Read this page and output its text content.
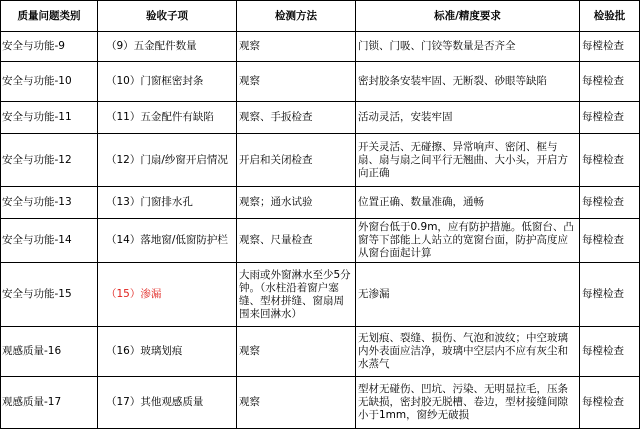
质量问题类别	验收子项	检测方法	标准/精度要求	检验批
安全与功能-9	（9）五金配件数量	观察	门锁、门吸、门铰等数量是否齐全	每樘检查
安全与功能-10	（10）门窗框密封条	观察	密封胶条安装牢固、无断裂、砂眼等缺陷	每樘检查
安全与功能-11	（11）五金配件有缺陷	观察、手扳检查	活动灵活，安装牢固	每樘检查
安全与功能-12	（12）门扇/纱窗开启情况	开启和关闭检查	开关灵活、无碰擦、异常响声、密闭、框与扇、扇与扇之间平行无翘曲、大小头，开启方向正确	每樘检查
安全与功能-13	（13）门窗排水孔	观察；通水试验	位置正确、数量准确，通畅	每樘检查
安全与功能-14	（14）落地窗/低窗防护栏	观察、尺量检查	外窗台低于0.9m，应有防护措施。低窗台、凸窗等下部能上人站立的宽窗台面，防护高度应从窗台面起计算	每樘检查
安全与功能-15	（15）渗漏	大雨或外窗淋水至少5分钟。（水柱沿着窗户塞缝、型材拼缝、窗扇周围来回淋水）	无渗漏	每樘检查
观感质量-16	（16）玻璃划痕	观察	无划痕、裂缝、损伤、气泡和波纹；中空玻璃内外表面应洁净，玻璃中空层内不应有灰尘和水蒸气	每樘检查
观感质量-17	（17）其他观感质量	观察	型材无碰伤、凹坑、污染、无明显拉毛，压条无缺损，密封胶无脱槽、卷边，型材接缝间隙小于1mm，窗纱无破损	每樘检查
